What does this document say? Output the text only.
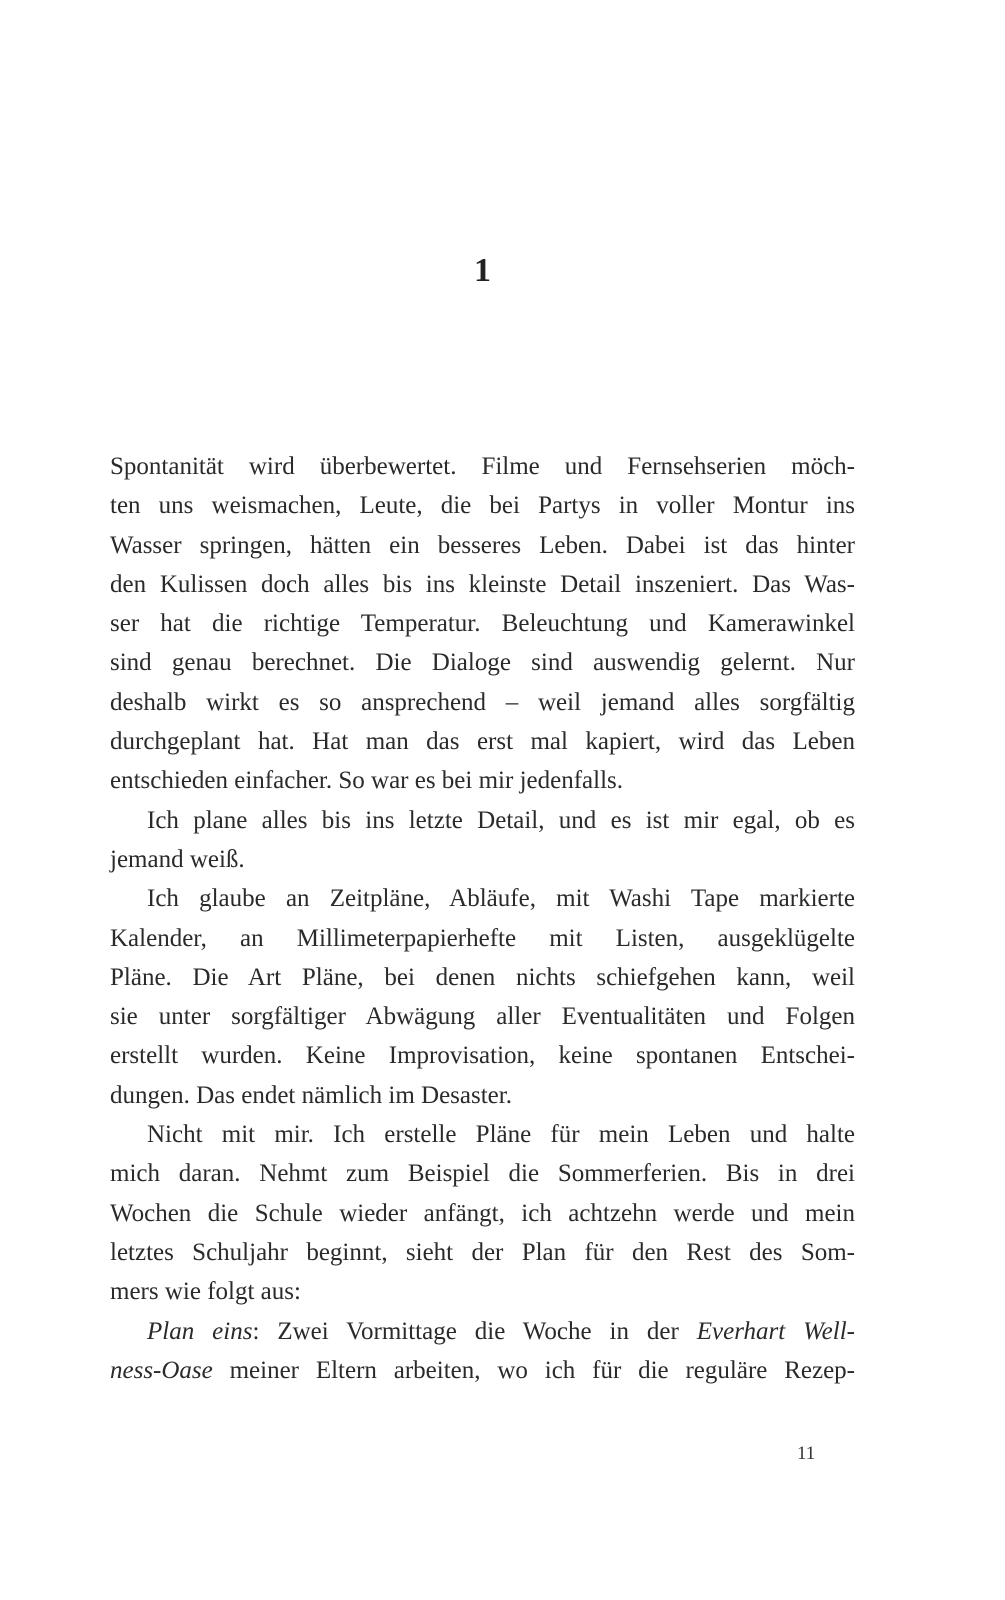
1
Spontanität wird überbewertet. Filme und Fernsehserien möch-
ten uns weismachen, Leute, die bei Partys in voller Montur ins
Wasser springen, hätten ein besseres Leben. Dabei ist das hinter
den Kulissen doch alles bis ins kleinste Detail inszeniert. Das Was-
ser hat die richtige Temperatur. Beleuchtung und Kamerawinkel
sind genau berechnet. Die Dialoge sind auswendig gelernt. Nur
deshalb wirkt es so ansprechend – weil jemand alles sorgfältig
durchgeplant hat. Hat man das erst mal kapiert, wird das Leben
entschieden einfacher. So war es bei mir jedenfalls.
Ich plane alles bis ins letzte Detail, und es ist mir egal, ob es
jemand weiß.
Ich glaube an Zeitpläne, Abläufe, mit Washi Tape markierte
Kalender, an Millimeterpapierhefte mit Listen, ausgeklügelte
Pläne. Die Art Pläne, bei denen nichts schiefgehen kann, weil
sie unter sorgfältiger Abwägung aller Eventualitäten und Folgen
erstellt wurden. Keine Improvisation, keine spontanen Entschei-
dungen. Das endet nämlich im Desaster.
Nicht mit mir. Ich erstelle Pläne für mein Leben und halte
mich daran. Nehmt zum Beispiel die Sommerferien. Bis in drei
Wochen die Schule wieder anfängt, ich achtzehn werde und mein
letztes Schuljahr beginnt, sieht der Plan für den Rest des Som-
mers wie folgt aus:
Plan eins: Zwei Vormittage die Woche in der Everhart Well-
ness-Oase meiner Eltern arbeiten, wo ich für die reguläre Rezep-
11
